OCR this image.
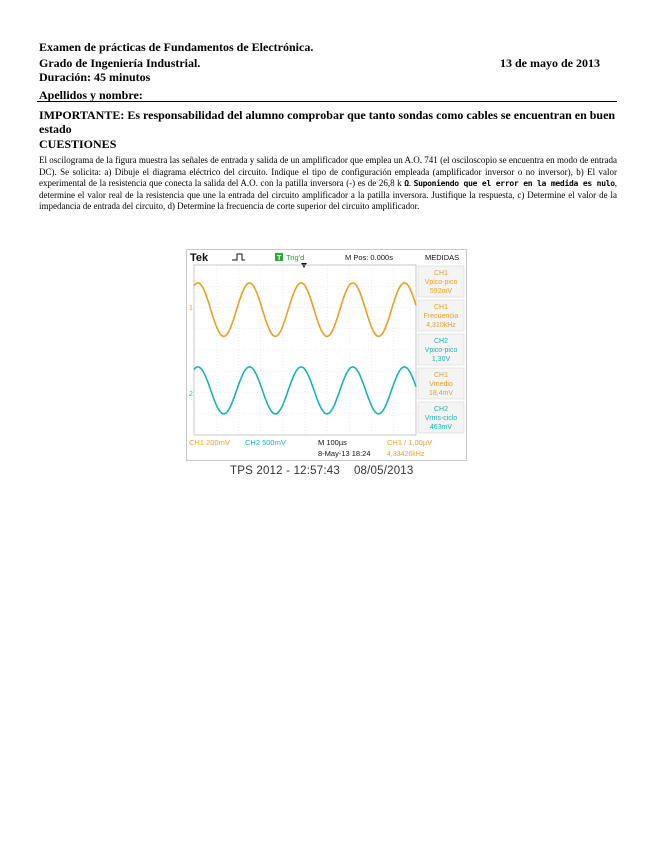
Examen de prácticas de Fundamentos de Electrónica.
Grado de Ingeniería Industrial.	13 de mayo de 2013
Duración: 45 minutos
Apellidos y nombre:
IMPORTANTE: Es responsabilidad del alumno comprobar que tanto sondas como cables se encuentran en buen estado
CUESTIONES
El oscilograma de la figura muestra las señales de entrada y salida de un amplificador que emplea un A.O. 741 (el osciloscopio se encuentra en modo de entrada DC). Se solicita: a) Dibuje el diagrama eléctrico del circuito. Indique el tipo de configuración empleada (amplificador inversor o no inversor), b) El valor experimental de la resistencia que conecta la salida del A.O. con la patilla inversora (-) es de 26,8 k Ω. Suponiendo que el error en la medida es nulo, determine el valor real de la resistencia que une la entrada del circuito amplificador a la patilla inversora. Justifique la respuesta, c) Determine el valor de la impedancia de entrada del circuito, d) Determine la frecuencia de corte superior del circuito amplificador.
Tek	T Trig'd	M Pos: 0.000s	MEDIDAS
1
2
CH1
Vpico-pico
592mV
CH1
Frecuencia
4,310kHz
CH2
Vpico-pico
1,30V
CH1
Vmedio
18,4mV
CH2
Vrms-ciclo
463mV
CH1 200mV CH2 500mV	M 100µs	CH1 / 1,00µV
8-May-13 18:24 4,33426kHz
TPS 2012 - 12:57:43 08/05/2013
